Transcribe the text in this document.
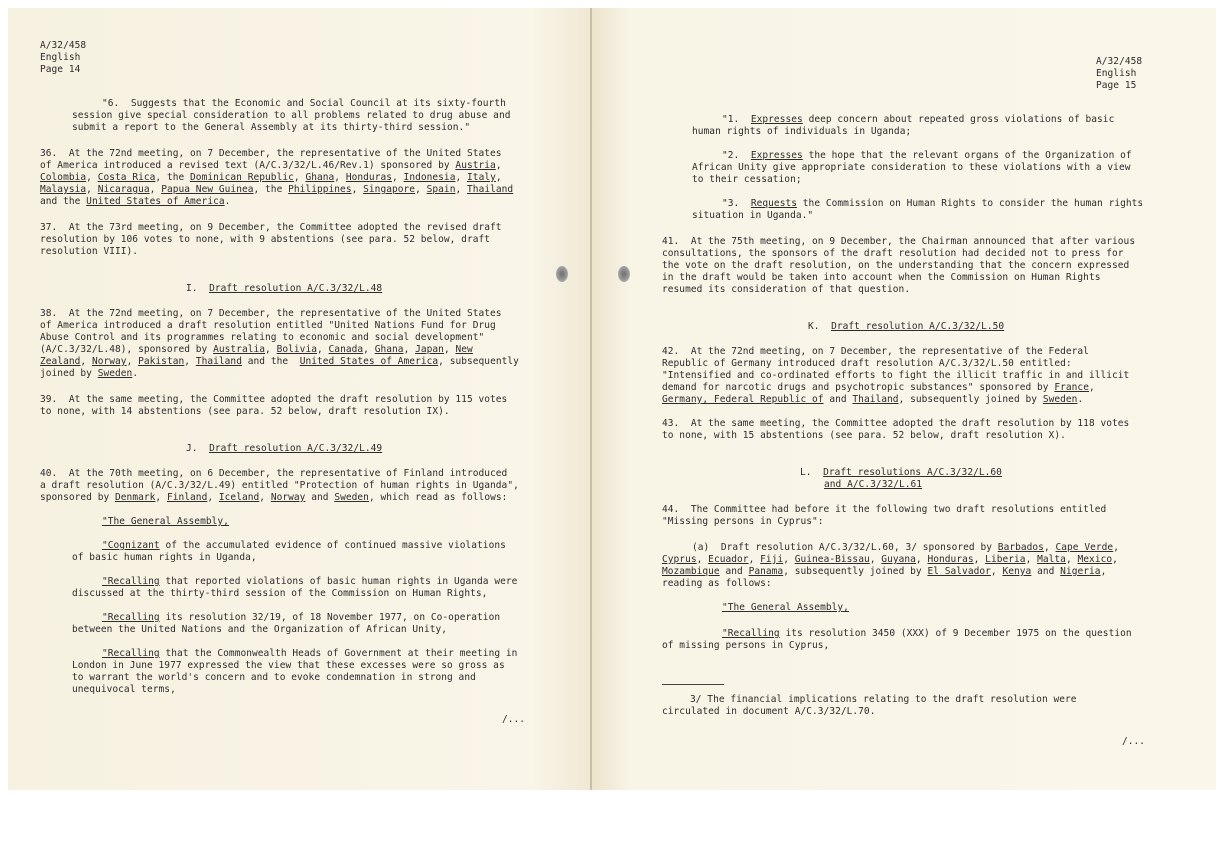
A/32/458
English
Page 14
"6.  Suggests that the Economic and Social Council at its sixty-fourth
session give special consideration to all problems related to drug abuse and
submit a report to the General Assembly at its thirty-third session."
36.  At the 72nd meeting, on 7 December, the representative of the United States
of America introduced a revised text (A/C.3/32/L.46/Rev.1) sponsored by Austria,
Colombia, Costa Rica, the Dominican Republic, Ghana, Honduras, Indonesia, Italy,
Malaysia, Nicaragua, Papua New Guinea, the Philippines, Singapore, Spain, Thailand
and the United States of America.
37.  At the 73rd meeting, on 9 December, the Committee adopted the revised draft
resolution by 106 votes to none, with 9 abstentions (see para. 52 below, draft
resolution VIII).
I. Draft resolution A/C.3/32/L.48
38.  At the 72nd meeting, on 7 December, the representative of the United States
of America introduced a draft resolution entitled "United Nations Fund for Drug
Abuse Control and its programmes relating to economic and social development"
(A/C.3/32/L.48), sponsored by Australia, Bolivia, Canada, Ghana, Japan, New
Zealand, Norway, Pakistan, Thailand and the  United States of America, subsequently
joined by Sweden.
39.  At the same meeting, the Committee adopted the draft resolution by 115 votes
to none, with 14 abstentions (see para. 52 below, draft resolution IX).
J. Draft resolution A/C.3/32/L.49
40.  At the 70th meeting, on 6 December, the representative of Finland introduced
a draft resolution (A/C.3/32/L.49) entitled "Protection of human rights in Uganda",
sponsored by Denmark, Finland, Iceland, Norway and Sweden, which read as follows:
"The General Assembly,
"Cognizant of the accumulated evidence of continued massive violations
of basic human rights in Uganda,
"Recalling that reported violations of basic human rights in Uganda were
discussed at the thirty-third session of the Commission on Human Rights,
"Recalling its resolution 32/19, of 18 November 1977, on Co-operation
between the United Nations and the Organization of African Unity,
"Recalling that the Commonwealth Heads of Government at their meeting in
London in June 1977 expressed the view that these excesses were so gross as
to warrant the world's concern and to evoke condemnation in strong and
unequivocal terms,
/...
A/32/458
English
Page 15
"1. Expresses deep concern about repeated gross violations of basic
human rights of individuals in Uganda;
"2. Expresses the hope that the relevant organs of the Organization of
African Unity give appropriate consideration to these violations with a view
to their cessation;
"3. Requests the Commission on Human Rights to consider the human rights
situation in Uganda."
41.  At the 75th meeting, on 9 December, the Chairman announced that after various
consultations, the sponsors of the draft resolution had decided not to press for
the vote on the draft resolution, on the understanding that the concern expressed
in the draft would be taken into account when the Commission on Human Rights
resumed its consideration of that question.
K. Draft resolution A/C.3/32/L.50
42.  At the 72nd meeting, on 7 December, the representative of the Federal
Republic of Germany introduced draft resolution A/C.3/32/L.50 entitled:
"Intensified and co-ordinated efforts to fight the illicit traffic in and illicit
demand for narcotic drugs and psychotropic substances" sponsored by France,
Germany, Federal Republic of and Thailand, subsequently joined by Sweden.
43.  At the same meeting, the Committee adopted the draft resolution by 118 votes
to none, with 15 abstentions (see para. 52 below, draft resolution X).
L. Draft resolutions A/C.3/32/L.60
and A/C.3/32/L.61
44.  The Committee had before it the following two draft resolutions entitled
"Missing persons in Cyprus":
(a)  Draft resolution A/C.3/32/L.60, 3/ sponsored by Barbados, Cape Verde,
Cyprus, Ecuador, Fiji, Guinea-Bissau, Guyana, Honduras, Liberia, Malta, Mexico,
Mozambique and Panama, subsequently joined by El Salvador, Kenya and Nigeria,
reading as follows:
"The General Assembly,
"Recalling its resolution 3450 (XXX) of 9 December 1975 on the question
of missing persons in Cyprus,
3/ The financial implications relating to the draft resolution were
circulated in document A/C.3/32/L.70.
/...
